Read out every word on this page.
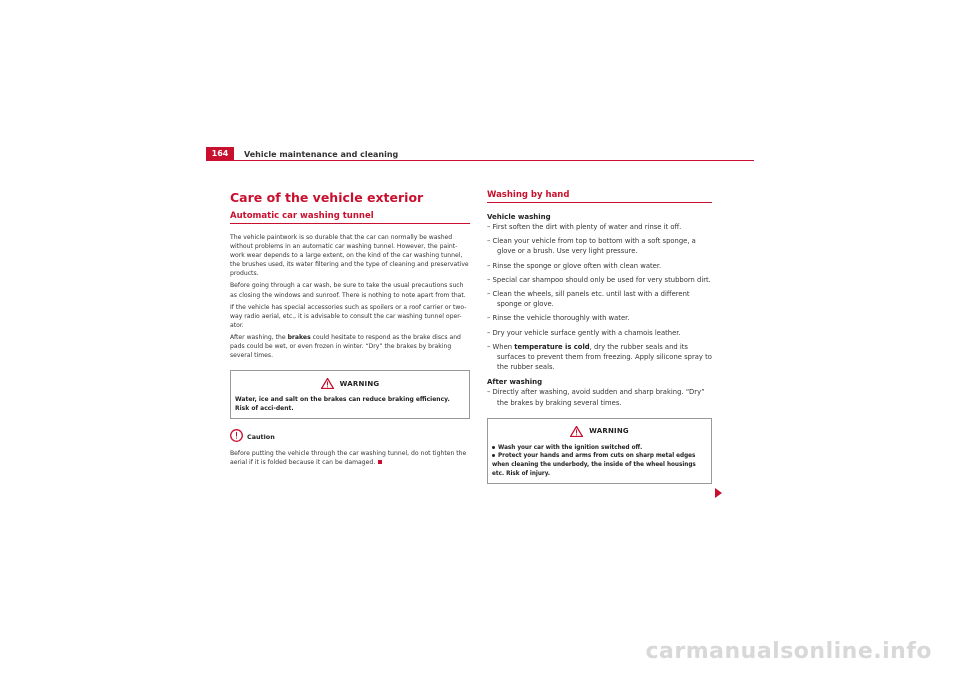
164	Vehicle maintenance and cleaning
Care of the vehicle exterior
Automatic car washing tunnel

The vehicle paintwork is so durable that the car can normally be washed without problems in an automatic car washing tunnel. However, the paint-work wear depends to a large extent, on the kind of the car washing tunnel, the brushes used, its water filtering and the type of cleaning and preservative products.

Before going through a car wash, be sure to take the usual precautions such as closing the windows and sunroof. There is nothing to note apart from that.

If the vehicle has special accessories such as spoilers or a roof carrier or two-way radio aerial, etc., it is advisable to consult the car washing tunnel oper-ator.

After washing, the brakes could hesitate to respond as the brake discs and pads could be wet, or even frozen in winter. “Dry” the brakes by braking several times.

WARNING

Water, ice and salt on the brakes can reduce braking efficiency. Risk of acci-dent.

Caution

Before putting the vehicle through the car washing tunnel, do not tighten the aerial if it is folded because it can be damaged.

Washing by hand
Vehicle washing

– First soften the dirt with plenty of water and rinse it off.

– Clean your vehicle from top to bottom with a soft sponge, a glove or a brush. Use very light pressure.

– Rinse the sponge or glove often with clean water.

– Special car shampoo should only be used for very stubborn dirt.

– Clean the wheels, sill panels etc. until last with a different sponge or glove.

– Rinse the vehicle thoroughly with water.

– Dry your vehicle surface gently with a chamois leather.

– When temperature is cold, dry the rubber seals and its surfaces to prevent them from freezing. Apply silicone spray to the rubber seals.

After washing

– Directly after washing, avoid sudden and sharp braking. “Dry” the brakes by braking several times.

WARNING

Wash your car with the ignition switched off.

Protect your hands and arms from cuts on sharp metal edges when cleaning the underbody, the inside of the wheel housings etc. Risk of injury.

carmanualsonline.info
